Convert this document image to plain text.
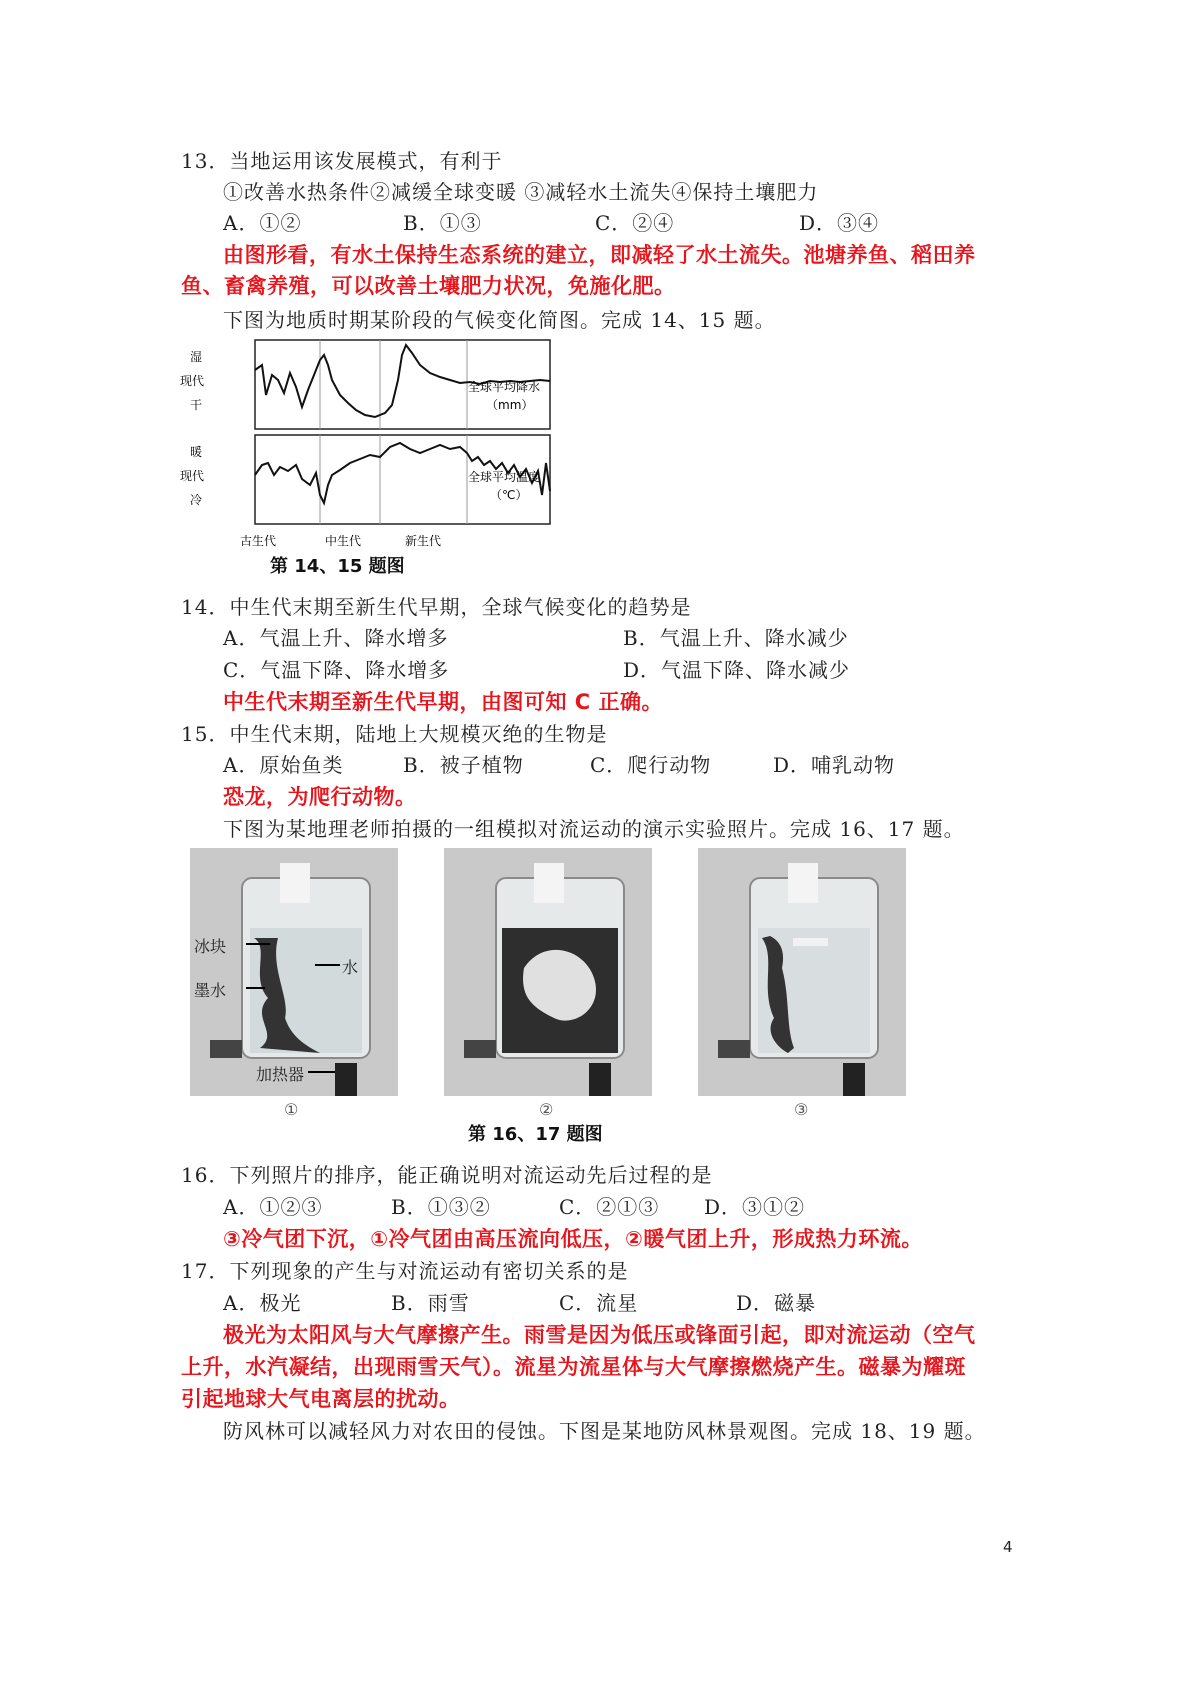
13．当地运用该发展模式，有利于
①改善水热条件②减缓全球变暖 ③减轻水土流失④保持土壤肥力
A．①②	B．①③	C．②④	D．③④
由图形看，有水土保持生态系统的建立，即减轻了水土流失。池塘养鱼、稻田养
鱼、畜禽养殖，可以改善土壤肥力状况，免施化肥。
下图为地质时期某阶段的气候变化简图。完成 14、15 题。
湿
现代
干
暖
现代
冷
全球平均降水
（mm）
全球平均温度
（℃）
古生代	中生代	新生代
第 14、15 题图
14．中生代末期至新生代早期，全球气候变化的趋势是
A．气温上升、降水增多	B．气温上升、降水减少
C．气温下降、降水增多	D．气温下降、降水减少
中生代末期至新生代早期，由图可知 C 正确。
15．中生代末期，陆地上大规模灭绝的生物是
A．原始鱼类	B．被子植物	C．爬行动物	D．哺乳动物
恐龙，为爬行动物。
下图为某地理老师拍摄的一组模拟对流运动的演示实验照片。完成 16、17 题。
冰块
墨水
水
加热器
①	②	③
第 16、17 题图
16．下列照片的排序，能正确说明对流运动先后过程的是
A．①②③	B．①③②	C．②①③ D．③①②
③冷气团下沉，①冷气团由高压流向低压，②暖气团上升，形成热力环流。
17．下列现象的产生与对流运动有密切关系的是
A．极光	B．雨雪	C．流星	D．磁暴
极光为太阳风与大气摩擦产生。雨雪是因为低压或锋面引起，即对流运动（空气
上升，水汽凝结，出现雨雪天气）。流星为流星体与大气摩擦燃烧产生。磁暴为耀斑
引起地球大气电离层的扰动。
防风林可以减轻风力对农田的侵蚀。下图是某地防风林景观图。完成 18、19 题。
4
